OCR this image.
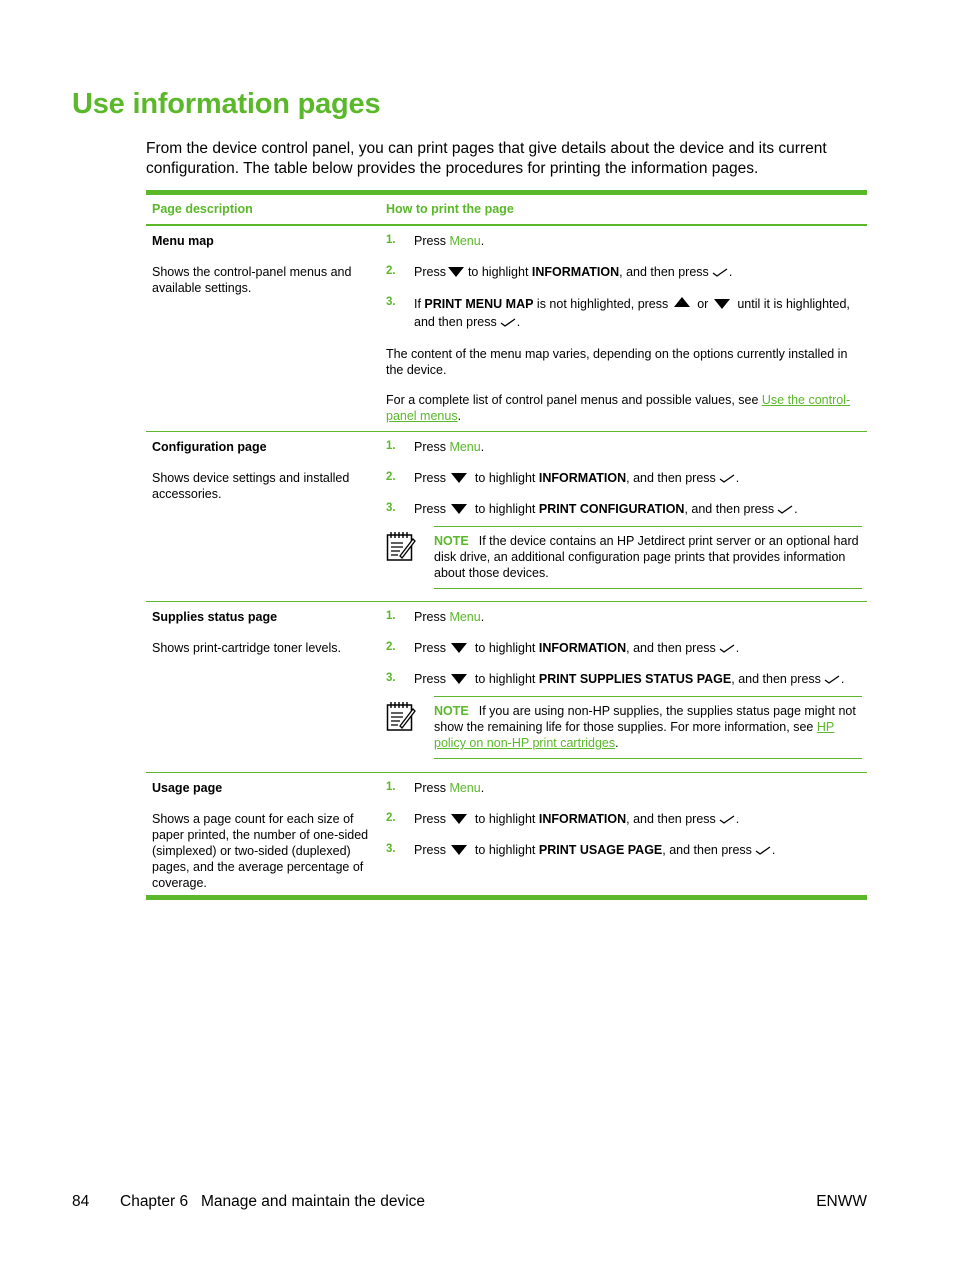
Use information pages

From the device control panel, you can print pages that give details about the device and its current configuration. The table below provides the procedures for printing the information pages.

Page description	How to print the page
Menu map
Shows the control-panel menus and available settings.
1.	Press Menu.
2.	Press to highlight INFORMATION, and then press .
3.	If PRINT MENU MAP is not highlighted, press or until it is highlighted, and then press .

The content of the menu map varies, depending on the options currently installed in the device.

For a complete list of control panel menus and possible values, see Use the control-panel menus.

Configuration page
Shows device settings and installed accessories.
1.	Press Menu.
2.	Press to highlight INFORMATION, and then press .
3.	Press to highlight PRINT CONFIGURATION, and then press .
NOTE If the device contains an HP Jetdirect print server or an optional hard disk drive, an additional configuration page prints that provides information about those devices.
Supplies status page
Shows print-cartridge toner levels.
1.	Press Menu.
2.	Press to highlight INFORMATION, and then press .
3.	Press to highlight PRINT SUPPLIES STATUS PAGE, and then press .
NOTE If you are using non-HP supplies, the supplies status page might not show the remaining life for those supplies. For more information, see HP policy on non-HP print cartridges.
Usage page
Shows a page count for each size of paper printed, the number of one-sided (simplexed) or two-sided (duplexed) pages, and the average percentage of coverage.
1.	Press Menu.
2.	Press to highlight INFORMATION, and then press .
3.	Press to highlight PRINT USAGE PAGE, and then press .
84 Chapter 6   Manage and maintain the device	ENWW
